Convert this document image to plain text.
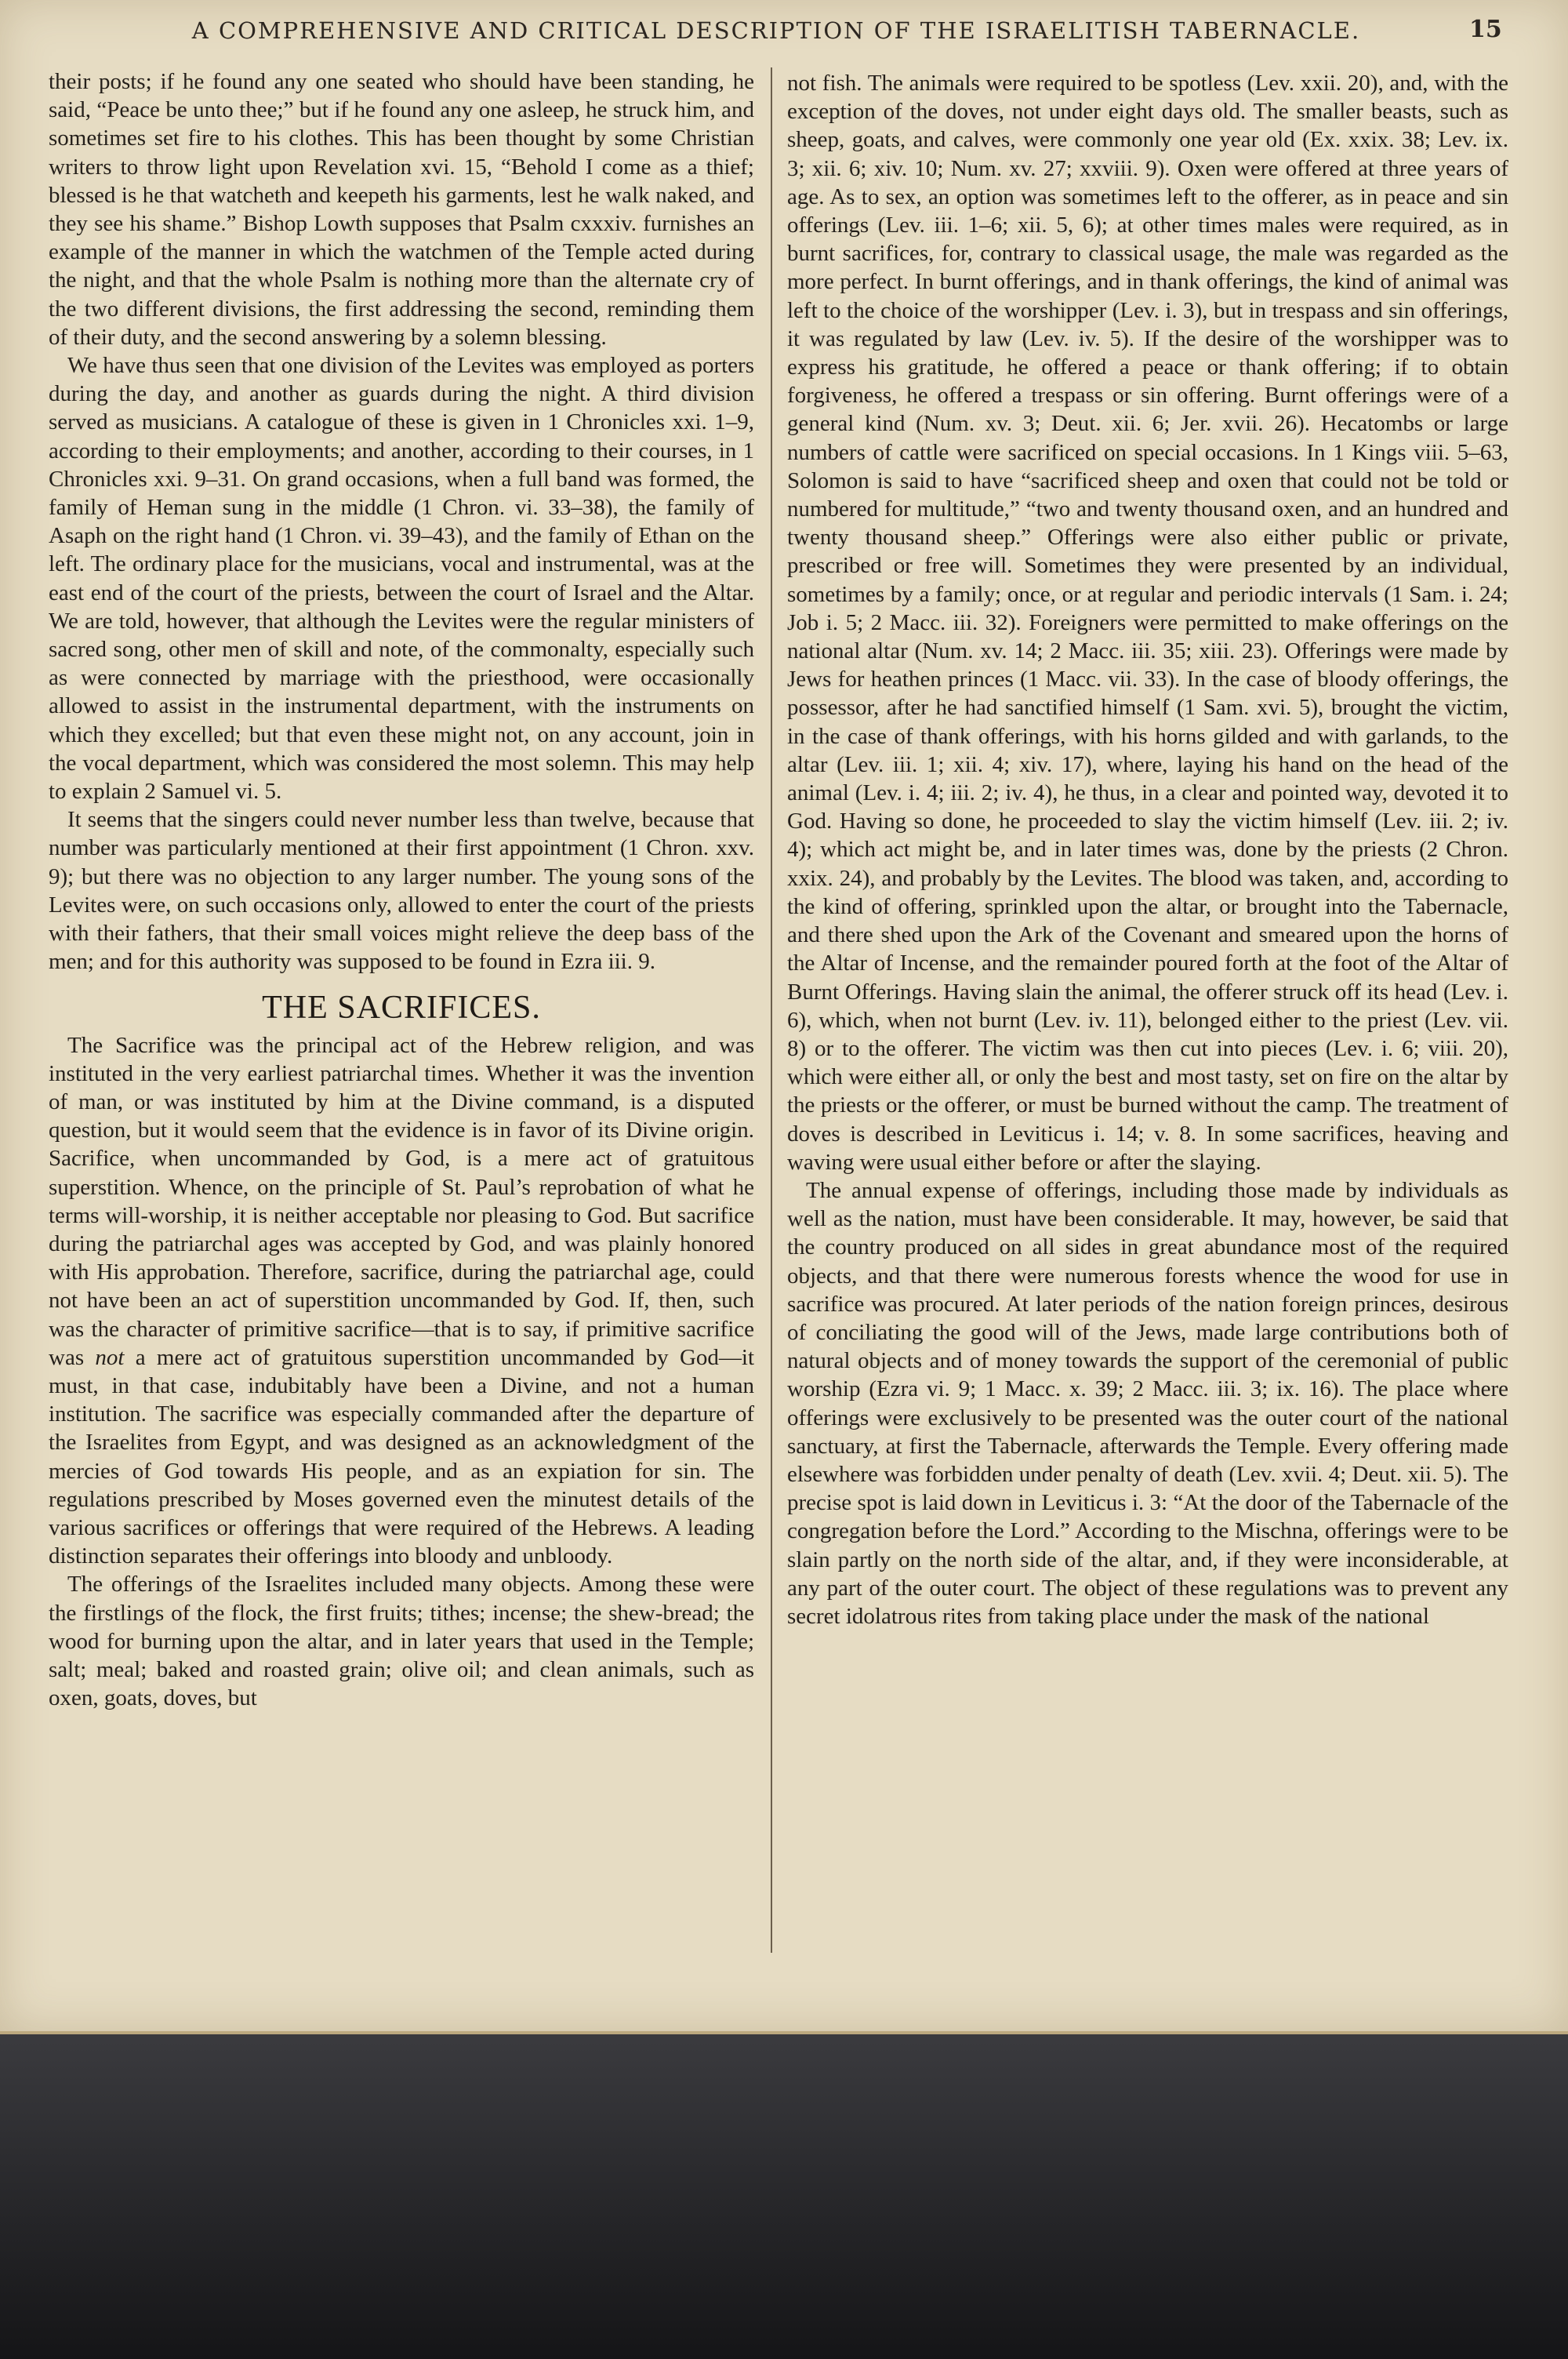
A COMPREHENSIVE AND CRITICAL DESCRIPTION OF THE ISRAELITISH TABERNACLE.	15

their posts; if he found any one seated who should have been standing, he said, “Peace be unto thee;” but if he found any one asleep, he struck him, and sometimes set fire to his clothes. This has been thought by some Christian writers to throw light upon Revelation xvi. 15, “Behold I come as a thief; blessed is he that watcheth and keepeth his garments, lest he walk naked, and they see his shame.” Bishop Lowth supposes that Psalm cxxxiv. furnishes an example of the manner in which the watchmen of the Temple acted during the night, and that the whole Psalm is nothing more than the alternate cry of the two different divisions, the first addressing the second, reminding them of their duty, and the second answering by a solemn blessing.

We have thus seen that one division of the Levites was employed as porters during the day, and another as guards during the night. A third division served as musicians. A catalogue of these is given in 1 Chronicles xxi. 1–9, according to their employments; and another, according to their courses, in 1 Chronicles xxi. 9–31. On grand occasions, when a full band was formed, the family of Heman sung in the middle (1 Chron. vi. 33–38), the family of Asaph on the right hand (1 Chron. vi. 39–43), and the family of Ethan on the left. The ordinary place for the musicians, vocal and instrumental, was at the east end of the court of the priests, between the court of Israel and the Altar. We are told, however, that although the Levites were the regular ministers of sacred song, other men of skill and note, of the commonalty, especially such as were connected by marriage with the priesthood, were occasionally allowed to assist in the instrumental department, with the instruments on which they excelled; but that even these might not, on any account, join in the vocal department, which was considered the most solemn. This may help to explain 2 Samuel vi. 5.

It seems that the singers could never number less than twelve, because that number was particularly mentioned at their first appointment (1 Chron. xxv. 9); but there was no objection to any larger number. The young sons of the Levites were, on such occasions only, allowed to enter the court of the priests with their fathers, that their small voices might relieve the deep bass of the men; and for this authority was supposed to be found in Ezra iii. 9.

THE SACRIFICES.

The Sacrifice was the principal act of the Hebrew religion, and was instituted in the very earliest patriarchal times. Whether it was the invention of man, or was instituted by him at the Divine command, is a disputed question, but it would seem that the evidence is in favor of its Divine origin. Sacrifice, when uncommanded by God, is a mere act of gratuitous superstition. Whence, on the principle of St. Paul’s reprobation of what he terms will-worship, it is neither acceptable nor pleasing to God. But sacrifice during the patriarchal ages was accepted by God, and was plainly honored with His approbation. Therefore, sacrifice, during the patriarchal age, could not have been an act of superstition uncommanded by God. If, then, such was the character of primitive sacrifice—that is to say, if primitive sacrifice was not a mere act of gratuitous superstition uncommanded by God—it must, in that case, indubitably have been a Divine, and not a human institution. The sacrifice was especially commanded after the departure of the Israelites from Egypt, and was designed as an acknowledgment of the mercies of God towards His people, and as an expiation for sin. The regulations prescribed by Moses governed even the minutest details of the various sacrifices or offerings that were required of the Hebrews. A leading distinction separates their offerings into bloody and unbloody.

The offerings of the Israelites included many objects. Among these were the firstlings of the flock, the first fruits; tithes; incense; the shew-bread; the wood for burning upon the altar, and in later years that used in the Temple; salt; meal; baked and roasted grain; olive oil; and clean animals, such as oxen, goats, doves, but

not fish. The animals were required to be spotless (Lev. xxii. 20), and, with the exception of the doves, not under eight days old. The smaller beasts, such as sheep, goats, and calves, were commonly one year old (Ex. xxix. 38; Lev. ix. 3; xii. 6; xiv. 10; Num. xv. 27; xxviii. 9). Oxen were offered at three years of age. As to sex, an option was sometimes left to the offerer, as in peace and sin offerings (Lev. iii. 1–6; xii. 5, 6); at other times males were required, as in burnt sacrifices, for, contrary to classical usage, the male was regarded as the more perfect. In burnt offerings, and in thank offerings, the kind of animal was left to the choice of the worshipper (Lev. i. 3), but in trespass and sin offerings, it was regulated by law (Lev. iv. 5). If the desire of the worshipper was to express his gratitude, he offered a peace or thank offering; if to obtain forgiveness, he offered a trespass or sin offering. Burnt offerings were of a general kind (Num. xv. 3; Deut. xii. 6; Jer. xvii. 26). Hecatombs or large numbers of cattle were sacrificed on special occasions. In 1 Kings viii. 5–63, Solomon is said to have “sacrificed sheep and oxen that could not be told or numbered for multitude,” “two and twenty thousand oxen, and an hundred and twenty thousand sheep.” Offerings were also either public or private, prescribed or free will. Sometimes they were presented by an individual, sometimes by a family; once, or at regular and periodic intervals (1 Sam. i. 24; Job i. 5; 2 Macc. iii. 32). Foreigners were permitted to make offerings on the national altar (Num. xv. 14; 2 Macc. iii. 35; xiii. 23). Offerings were made by Jews for heathen princes (1 Macc. vii. 33). In the case of bloody offerings, the possessor, after he had sanctified himself (1 Sam. xvi. 5), brought the victim, in the case of thank offerings, with his horns gilded and with garlands, to the altar (Lev. iii. 1; xii. 4; xiv. 17), where, laying his hand on the head of the animal (Lev. i. 4; iii. 2; iv. 4), he thus, in a clear and pointed way, devoted it to God. Having so done, he proceeded to slay the victim himself (Lev. iii. 2; iv. 4); which act might be, and in later times was, done by the priests (2 Chron. xxix. 24), and probably by the Levites. The blood was taken, and, according to the kind of offering, sprinkled upon the altar, or brought into the Tabernacle, and there shed upon the Ark of the Covenant and smeared upon the horns of the Altar of Incense, and the remainder poured forth at the foot of the Altar of Burnt Offerings. Having slain the animal, the offerer struck off its head (Lev. i. 6), which, when not burnt (Lev. iv. 11), belonged either to the priest (Lev. vii. 8) or to the offerer. The victim was then cut into pieces (Lev. i. 6; viii. 20), which were either all, or only the best and most tasty, set on fire on the altar by the priests or the offerer, or must be burned without the camp. The treatment of doves is described in Leviticus i. 14; v. 8. In some sacrifices, heaving and waving were usual either before or after the slaying.

The annual expense of offerings, including those made by individuals as well as the nation, must have been considerable. It may, however, be said that the country produced on all sides in great abundance most of the required objects, and that there were numerous forests whence the wood for use in sacrifice was procured. At later periods of the nation foreign princes, desirous of conciliating the good will of the Jews, made large contributions both of natural objects and of money towards the support of the ceremonial of public worship (Ezra vi. 9; 1 Macc. x. 39; 2 Macc. iii. 3; ix. 16). The place where offerings were exclusively to be presented was the outer court of the national sanctuary, at first the Tabernacle, afterwards the Temple. Every offering made elsewhere was forbidden under penalty of death (Lev. xvii. 4; Deut. xii. 5). The precise spot is laid down in Leviticus i. 3: “At the door of the Tabernacle of the congregation before the Lord.” According to the Mischna, offerings were to be slain partly on the north side of the altar, and, if they were inconsiderable, at any part of the outer court. The object of these regulations was to prevent any secret idolatrous rites from taking place under the mask of the national
